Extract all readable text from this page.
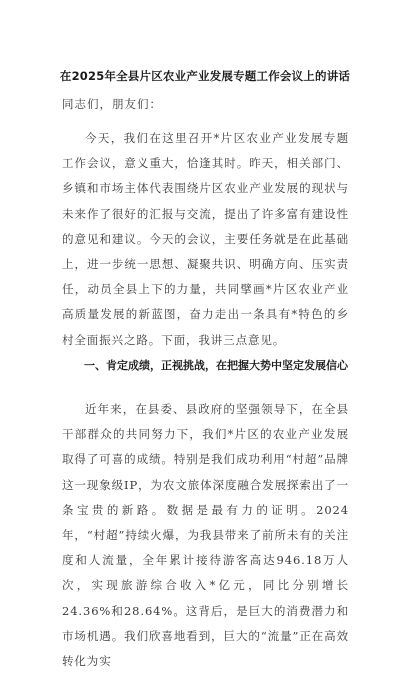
在2025年全县片区农业产业发展专题工作会议上的讲话
同志们，朋友们：

今天，我们在这里召开*片区农业产业发展专题工作会议，意义重大，恰逢其时。昨天，相关部门、乡镇和市场主体代表围绕片区农业产业发展的现状与未来作了很好的汇报与交流，提出了许多富有建设性的意见和建议。今天的会议，主要任务就是在此基础上，进一步统一思想、凝聚共识、明确方向、压实责任，动员全县上下的力量，共同擘画*片区农业产业高质量发展的新蓝图，奋力走出一条具有*特色的乡村全面振兴之路。下面，我讲三点意见。

一、肯定成绩，正视挑战，在把握大势中坚定发展信心

近年来，在县委、县政府的坚强领导下，在全县干部群众的共同努力下，我们*片区的农业产业发展取得了可喜的成绩。特别是我们成功利用“村超”品牌这一现象级IP，为农文旅体深度融合发展探索出了一条宝贵的新路。数据是最有力的证明。2024年，“村超”持续火爆，为我县带来了前所未有的关注度和人流量，全年累计接待游客高达946.18万人次，实现旅游综合收入*亿元，同比分别增长24.36%和28.64%。这背后，是巨大的消费潜力和市场机遇。我们欣喜地看到，巨大的“流量”正在高效转化为实
